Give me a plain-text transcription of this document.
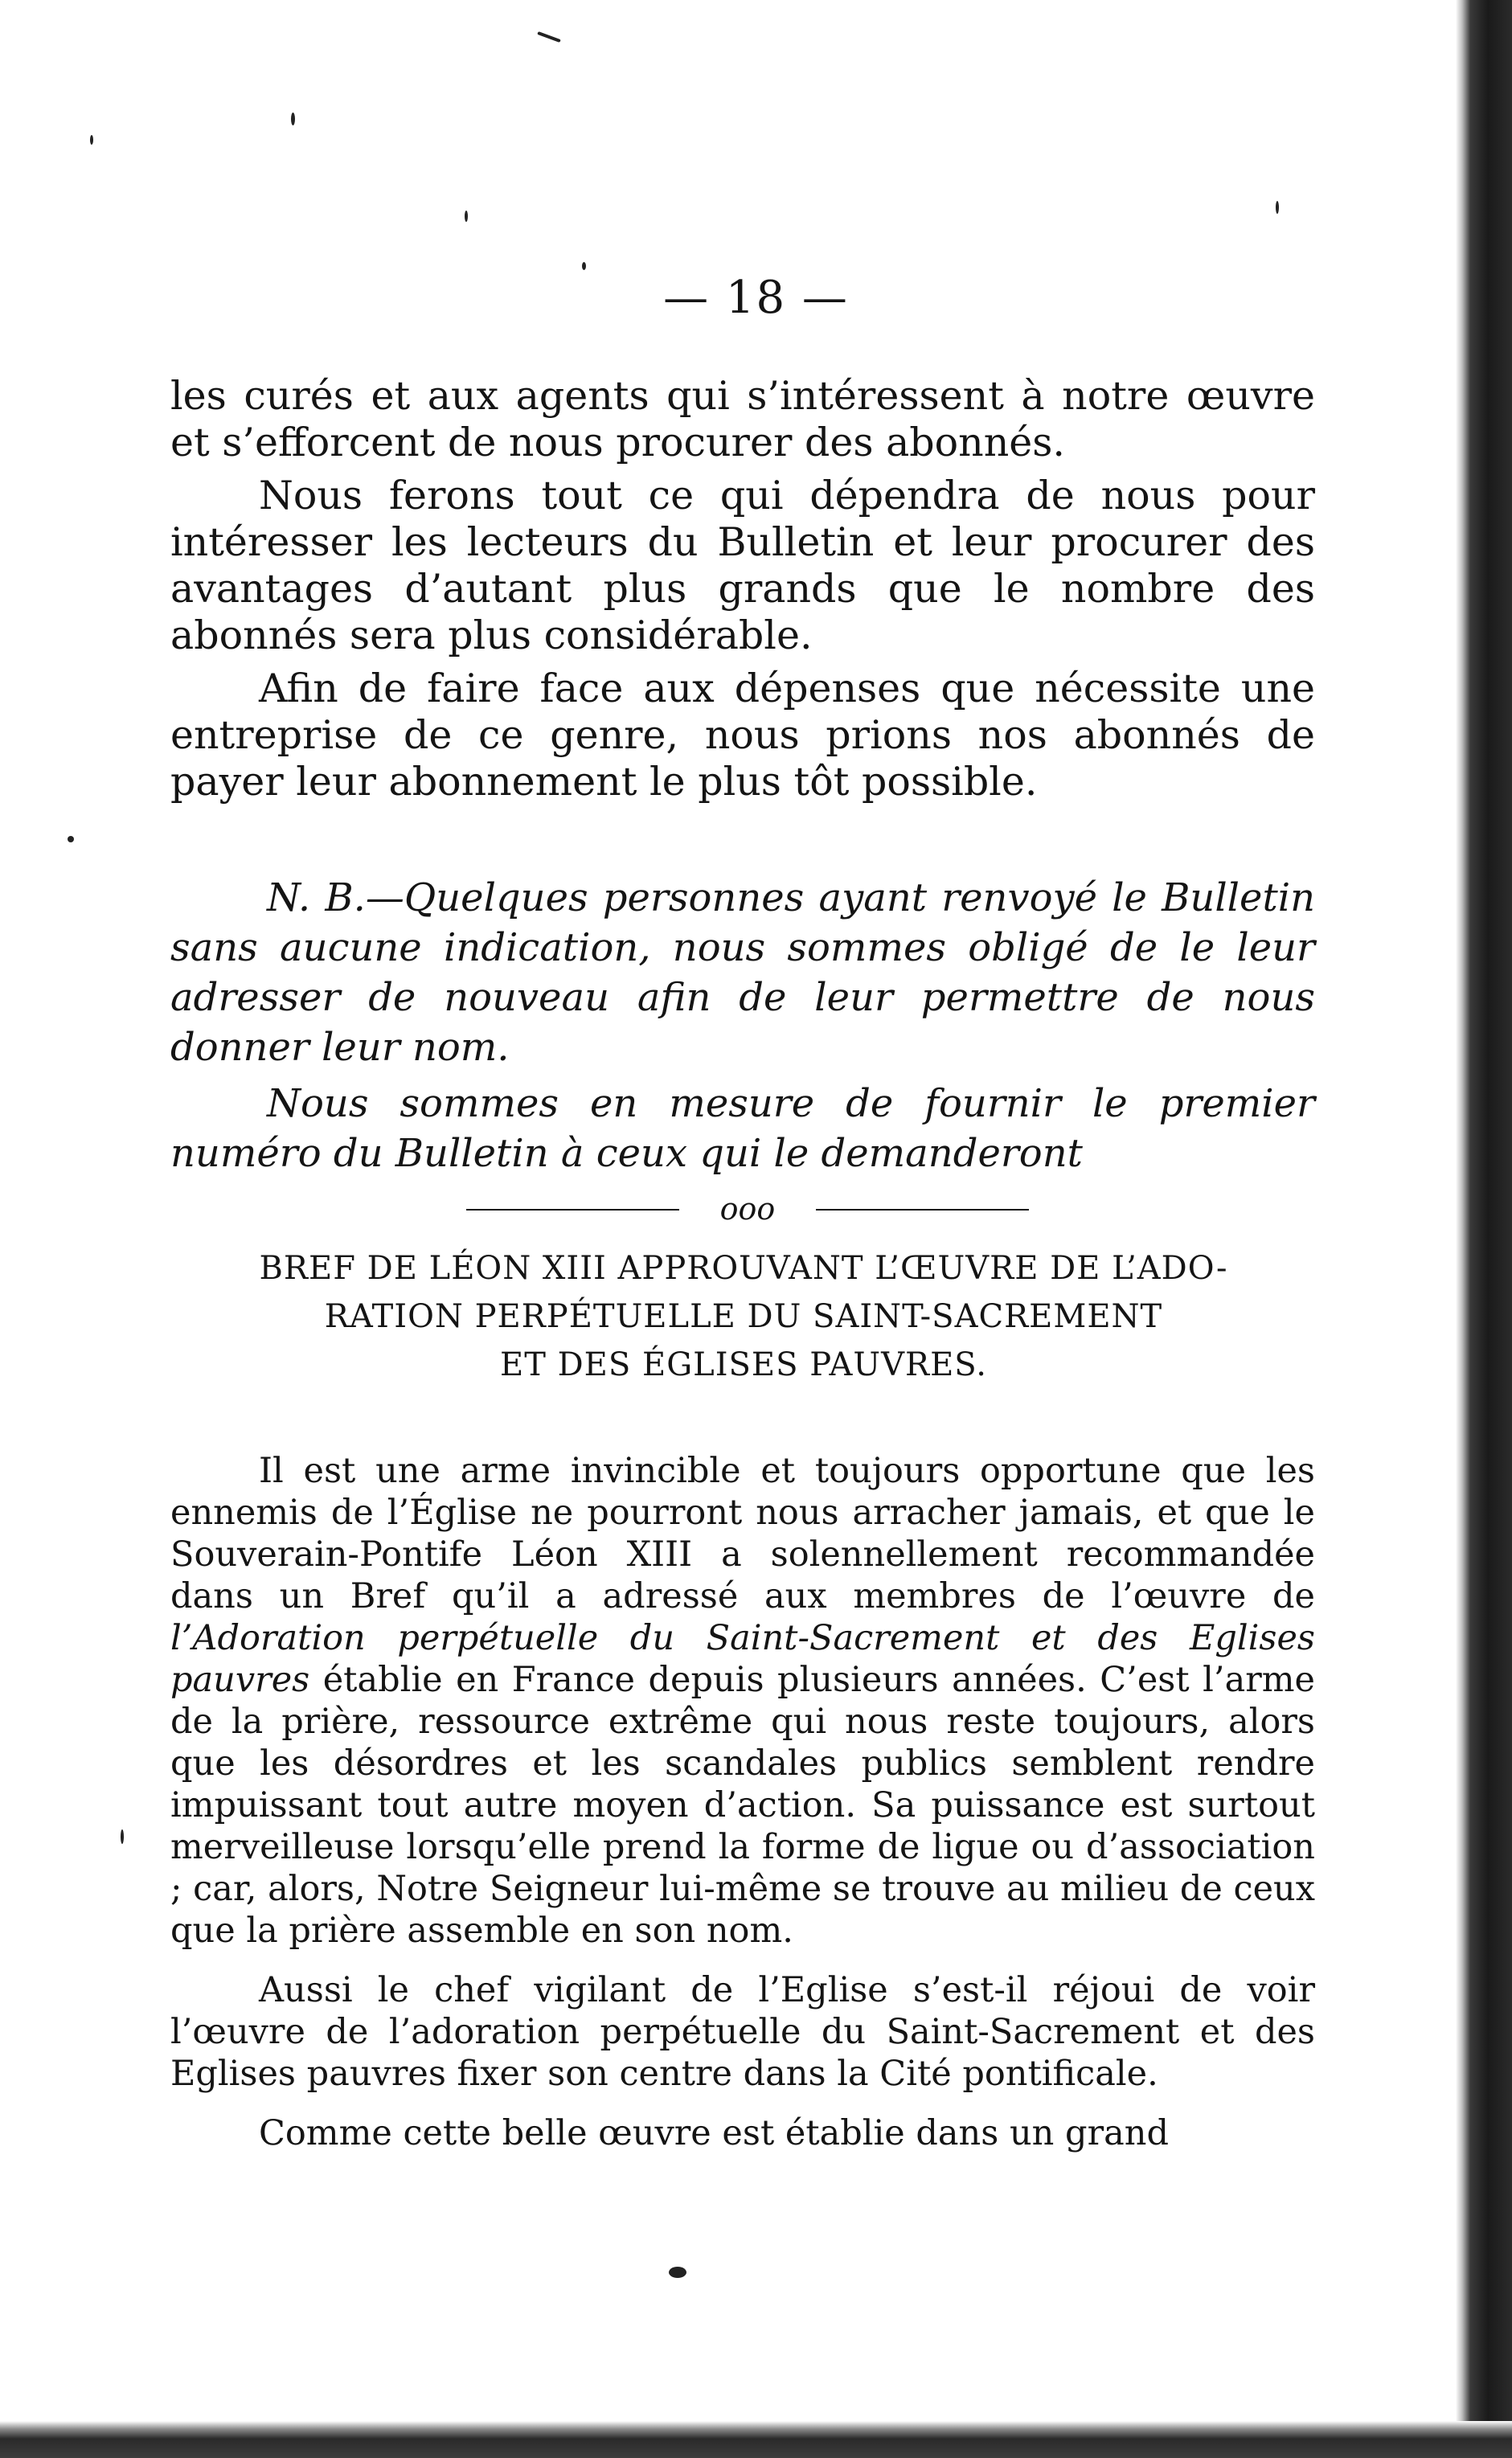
— 18 —

les curés et aux agents qui s’intéressent à notre œuvre et s’efforcent de nous procurer des abonnés.

Nous ferons tout ce qui dépendra de nous pour intéresser les lecteurs du Bulletin et leur procurer des avantages d’autant plus grands que le nombre des abonnés sera plus considérable.

Afin de faire face aux dépenses que nécessite une entreprise de ce genre, nous prions nos abonnés de payer leur abonnement le plus tôt possible.

N. B.—Quelques personnes ayant renvoyé le Bulletin sans aucune indication, nous sommes obligé de le leur adresser de nouveau afin de leur permettre de nous donner leur nom.

Nous sommes en mesure de fournir le premier numéro du Bulletin à ceux qui le demanderont

ooo
BREF DE LÉON XIII APPROUVANT L’ŒUVRE DE L’ADO-
RATION PERPÉTUELLE DU SAINT-SACREMENT
ET DES ÉGLISES PAUVRES.

Il est une arme invincible et toujours opportune que les ennemis de l’Église ne pourront nous arracher jamais, et que le Souverain-Pontife Léon XIII a solennellement recommandée dans un Bref qu’il a adressé aux membres de l’œuvre de l’Adoration perpétuelle du Saint-Sacrement et des Eglises pauvres établie en France depuis plusieurs années. C’est l’arme de la prière, ressource extrême qui nous reste toujours, alors que les désordres et les scandales publics semblent rendre impuissant tout autre moyen d’action. Sa puissance est surtout merveilleuse lorsqu’elle prend la forme de ligue ou d’association ; car, alors, Notre Seigneur lui-même se trouve au milieu de ceux que la prière assemble en son nom.

Aussi le chef vigilant de l’Eglise s’est-il réjoui de voir l’œuvre de l’adoration perpétuelle du Saint-Sacrement et des Eglises pauvres fixer son centre dans la Cité pontificale.

Comme cette belle œuvre est établie dans un grand
